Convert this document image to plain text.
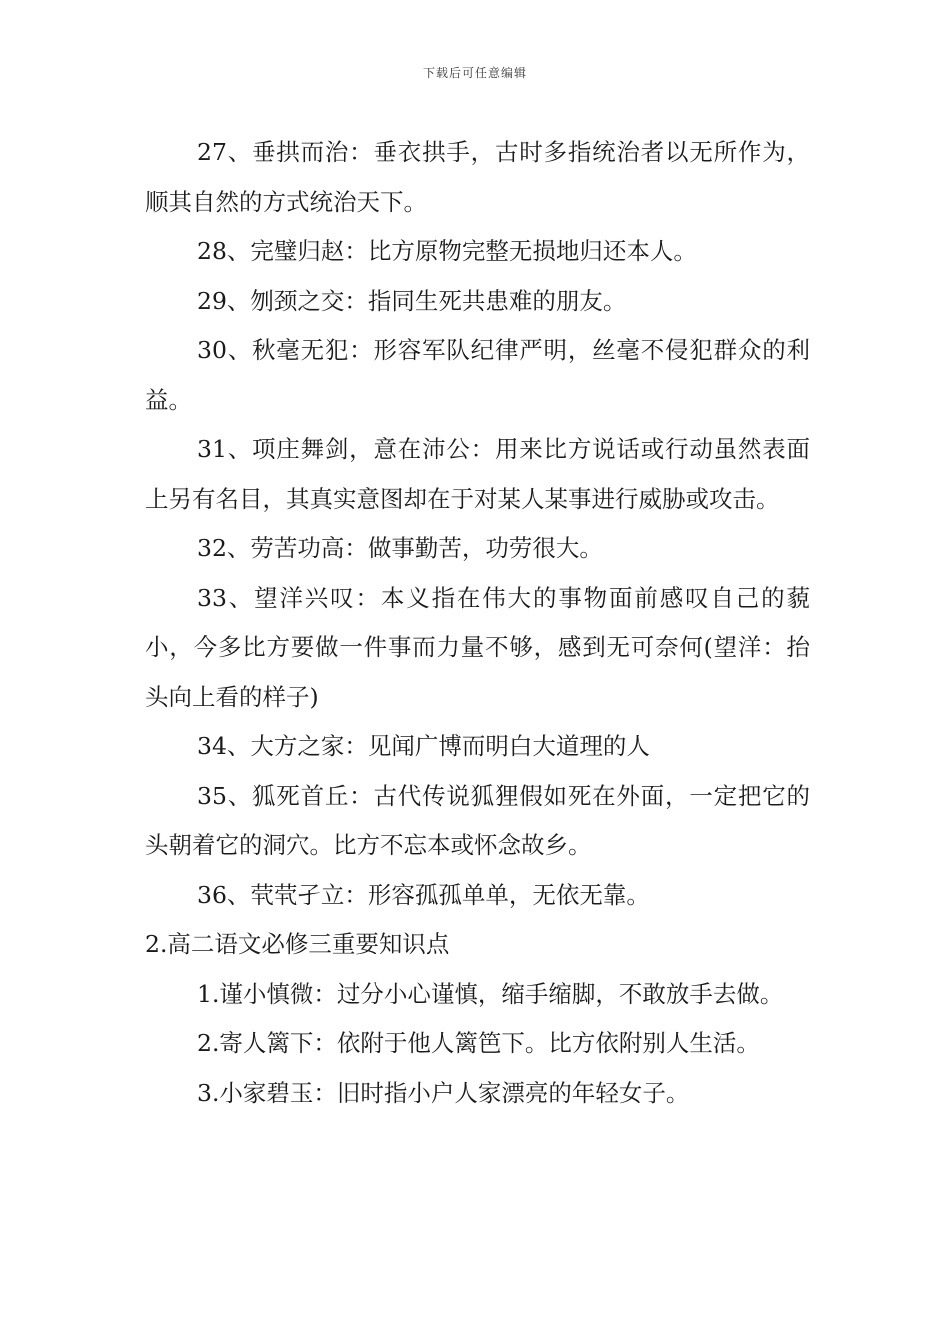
下载后可任意编辑

27、垂拱而治：垂衣拱手，古时多指统治者以无所作为，顺其自然的方式统治天下。

28、完璧归赵：比方原物完整无损地归还本人。

29、刎颈之交：指同生死共患难的朋友。

30、秋毫无犯：形容军队纪律严明，丝毫不侵犯群众的利益。

31、项庄舞剑，意在沛公：用来比方说话或行动虽然表面上另有名目，其真实意图却在于对某人某事进行威胁或攻击。

32、劳苦功高：做事勤苦，功劳很大。

33、望洋兴叹：本义指在伟大的事物面前感叹自己的藐小，今多比方要做一件事而力量不够，感到无可奈何(望洋：抬头向上看的样子)

34、大方之家：见闻广博而明白大道理的人

35、狐死首丘：古代传说狐狸假如死在外面，一定把它的头朝着它的洞穴。比方不忘本或怀念故乡。

36、茕茕孑立：形容孤孤单单，无依无靠。

2.高二语文必修三重要知识点

1.谨小慎微：过分小心谨慎，缩手缩脚，不敢放手去做。

2.寄人篱下：依附于他人篱笆下。比方依附别人生活。

3.小家碧玉：旧时指小户人家漂亮的年轻女子。
